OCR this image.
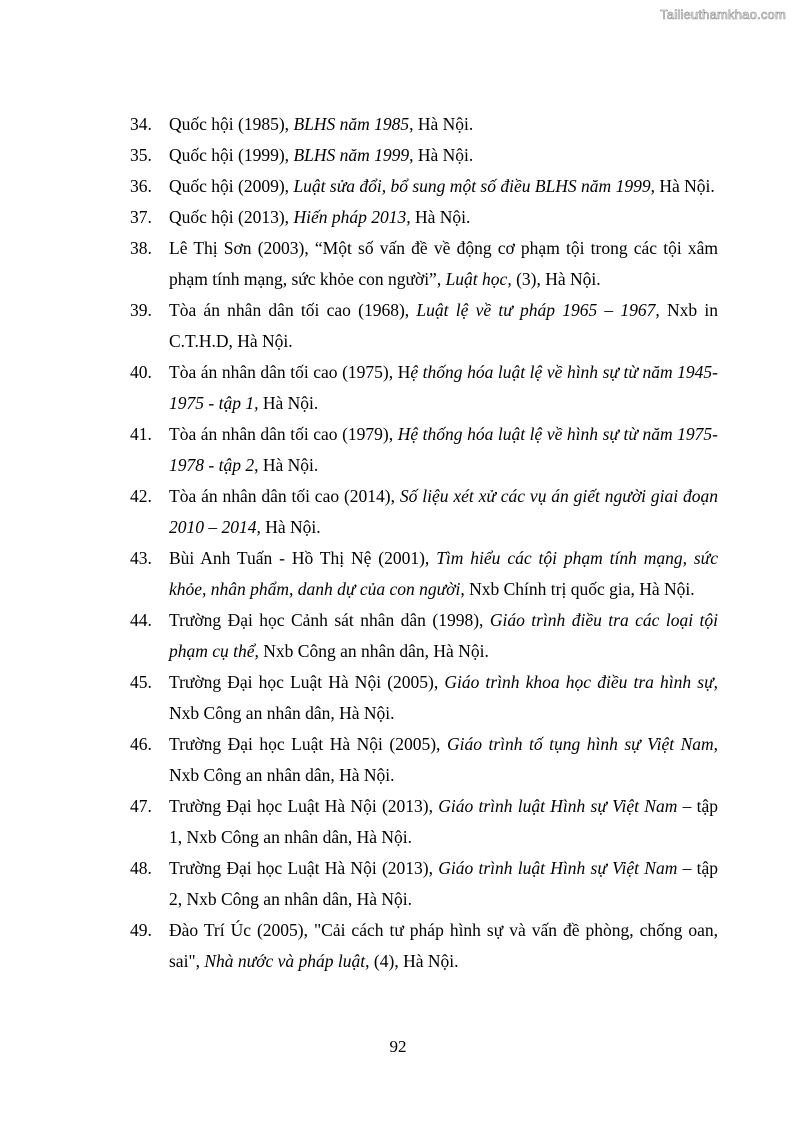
Tailieuthamkhao.com
34. Quốc hội (1985), BLHS năm 1985, Hà Nội.
35. Quốc hội (1999), BLHS năm 1999, Hà Nội.
36. Quốc hội (2009), Luật sửa đổi, bổ sung một số điều BLHS năm 1999, Hà Nội.
37. Quốc hội (2013), Hiến pháp 2013, Hà Nội.
38. Lê Thị Sơn (2003), “Một số vấn đề về động cơ phạm tội trong các tội xâm phạm tính mạng, sức khỏe con người”, Luật học, (3), Hà Nội.
39. Tòa án nhân dân tối cao (1968), Luật lệ về tư pháp 1965 – 1967, Nxb in C.T.H.D, Hà Nội.
40. Tòa án nhân dân tối cao (1975), Hệ thống hóa luật lệ về hình sự từ năm 1945-1975 - tập 1, Hà Nội.
41. Tòa án nhân dân tối cao (1979), Hệ thống hóa luật lệ về hình sự từ năm 1975-1978 - tập 2, Hà Nội.
42. Tòa án nhân dân tối cao (2014), Số liệu xét xử các vụ án giết người giai đoạn 2010 – 2014, Hà Nội.
43. Bùi Anh Tuấn - Hồ Thị Nệ (2001), Tìm hiểu các tội phạm tính mạng, sức khỏe, nhân phẩm, danh dự của con người, Nxb Chính trị quốc gia, Hà Nội.
44. Trường Đại học Cảnh sát nhân dân (1998), Giáo trình điều tra các loại tội phạm cụ thể, Nxb Công an nhân dân, Hà Nội.
45. Trường Đại học Luật Hà Nội (2005), Giáo trình khoa học điều tra hình sự, Nxb Công an nhân dân, Hà Nội.
46. Trường Đại học Luật Hà Nội (2005), Giáo trình tố tụng hình sự Việt Nam, Nxb Công an nhân dân, Hà Nội.
47. Trường Đại học Luật Hà Nội (2013), Giáo trình luật Hình sự Việt Nam – tập 1, Nxb Công an nhân dân, Hà Nội.
48. Trường Đại học Luật Hà Nội (2013), Giáo trình luật Hình sự Việt Nam – tập 2, Nxb Công an nhân dân, Hà Nội.
49. Đào Trí Úc (2005), "Cải cách tư pháp hình sự và vấn đề phòng, chống oan, sai", Nhà nước và pháp luật, (4), Hà Nội.
92
